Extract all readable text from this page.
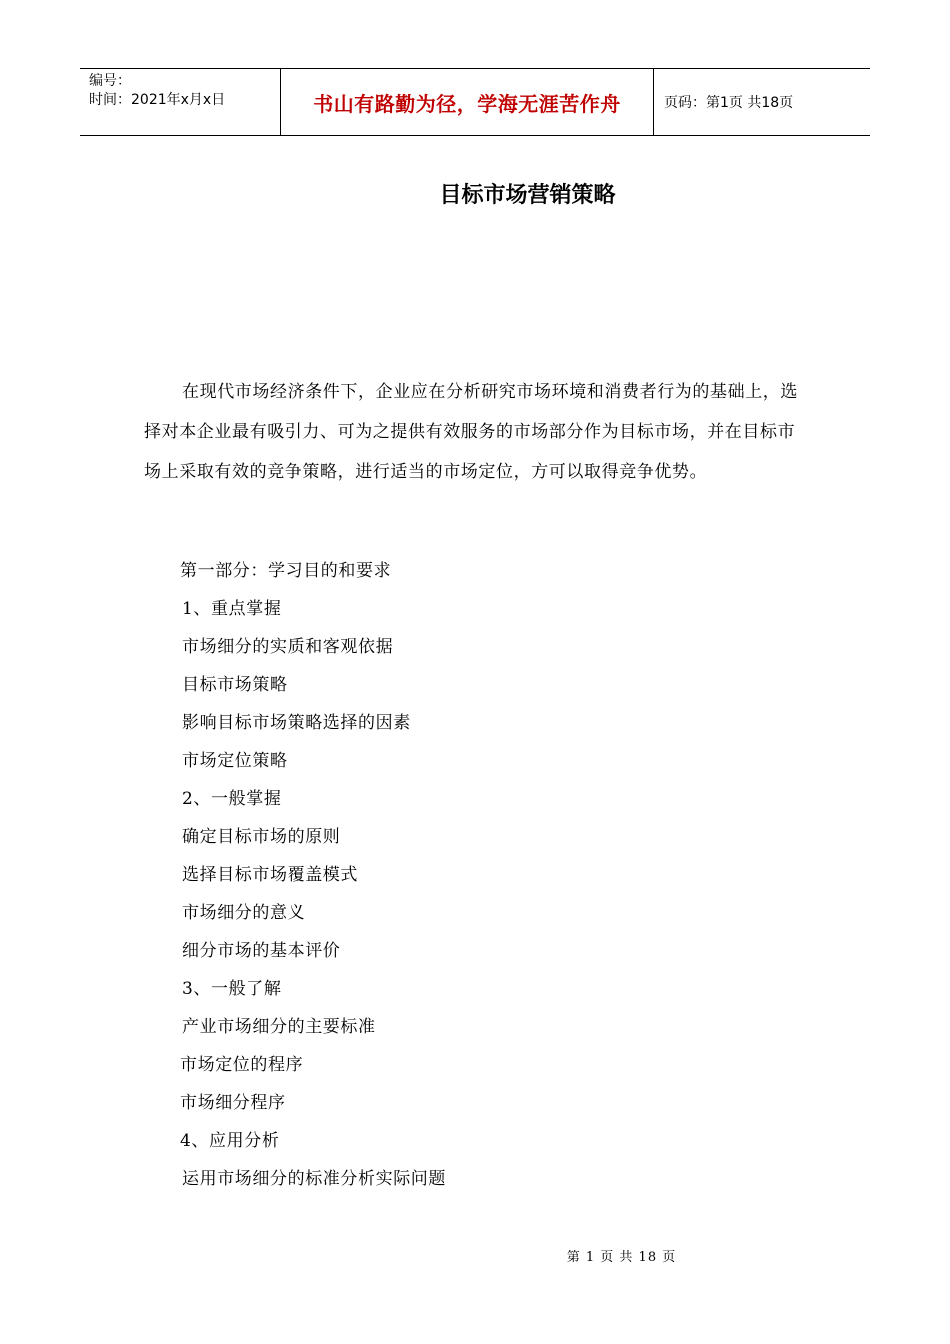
编号：
时间：2021年x月x日	书山有路勤为径，学海无涯苦作舟	页码：第1页 共18页
目标市场营销策略
在现代市场经济条件下，企业应在分析研究市场环境和消费者行为的基础上，选择对本企业最有吸引力、可为之提供有效服务的市场部分作为目标市场，并在目标市场上采取有效的竞争策略，进行适当的市场定位，方可以取得竞争优势。
第一部分：学习目的和要求
1、重点掌握
市场细分的实质和客观依据
目标市场策略
影响目标市场策略选择的因素
市场定位策略
2、一般掌握
确定目标市场的原则
选择目标市场覆盖模式
市场细分的意义
细分市场的基本评价
3、一般了解
产业市场细分的主要标准
市场定位的程序
市场细分程序
4、应用分析
运用市场细分的标准分析实际问题
第 1 页 共 18 页
